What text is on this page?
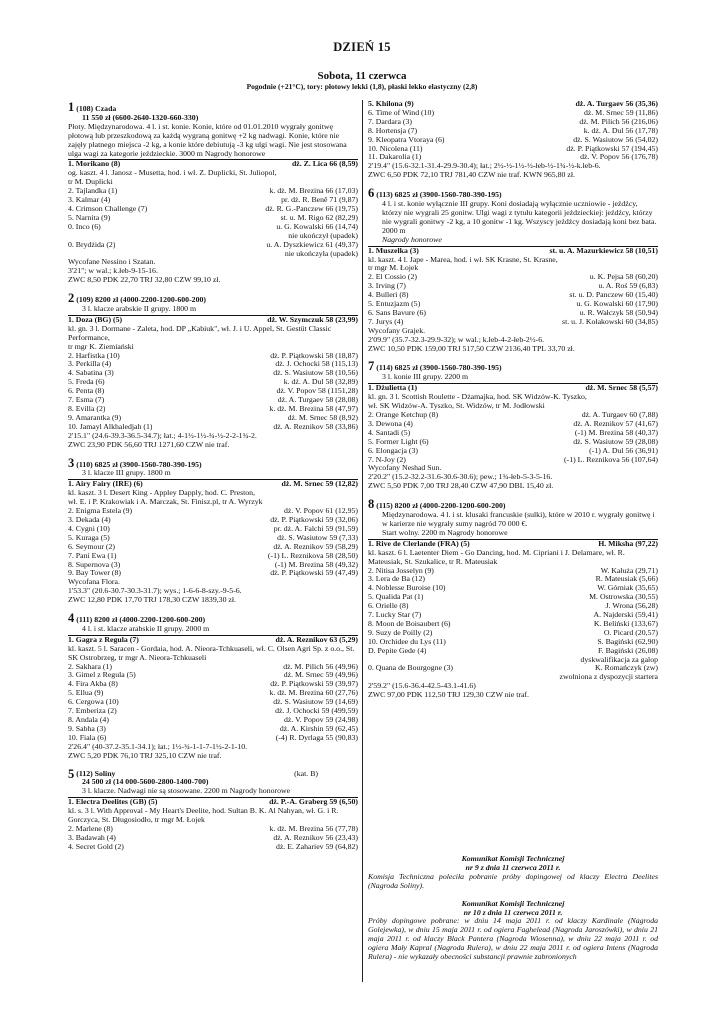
DZIEŃ 15
Sobota, 11 czerwca
Pogodnie (+21°C), tory: płotowy lekki (1,8), płaski lekko elastyczny (2,8)
1 (108) Czada
11 550 zł (6600-2640-1320-660-330)
Płoty. Międzynarodowa. 4 l. i st. konie. Konie, które od 01.01.2010 wygrały gonitwę płotową lub przeszkodową za każdą wygraną gonitwę +2 kg nadwagi. Konie, które nie zajęły płatnego miejsca -2 kg, a konie które debiutują -3 kg ulgi wagi. Nie jest stosowana ulga wagi za kategorie jeździeckie. 3000 m Nagrody honorowe
1. Morikano (8)	dż. Z. Lica 66 (8,59)
og. kaszt. 4 l. Janosz - Musetta, hod. i wł. Z. Duplicki, St. Juliopol,
tr M. Duplicki
2. Tajlandka (1)	k. dż. M. Brezina 66 (17,03)
3. Kalmar (4)	pr. dż. R. Beně 71 (9,87)
4. Crimson Challenge (7)	dż. R. G.-Panczew 66 (19,75)
5. Narnita (9)	st. u. M. Rigo 62 (82,29)
0. Inco (6)	u. G. Kowalski 66 (14,74)
nie ukończył (upadek)
0. Brydżida (2)	u. A. Dyszkiewicz 61 (49,37)
nie ukończyła (upadek)
Wycofane Nessino i Szatan.
3'21"; w wal.; k.łeb-9-15-16.
ZWC 8,50 PDK 22,70 TRJ 32,80 CZW 99,10 zł.
2 (109) 8200 zł (4000-2200-1200-600-200)
3 l. klacze arabskie II grupy. 1800 m
1. Doza (BG) (5)	dż. W. Szymczuk 58 (23,99)
kl. gn. 3 l. Dormane - Zaleta, hod. DP „Kabiuk", wł. J. i U. Appel, St. Gestüt Classic Performance,
tr mgr K. Ziemiański
2. Harfistka (10)	dż. P. Piątkowski 58 (18,87)
3. Perkilla (4)	dż. J. Ochocki 58 (115,13)
4. Sabatina (3)	dż. S. Wasiutow 58 (10,56)
5. Freda (6)	k. dż. A. Dul 58 (32,89)
6. Penta (8)	dż. V. Popov 58 (1151,28)
7. Esma (7)	dż. A. Turgaev 58 (28,08)
8. Evilla (2)	k. dż. M. Brezina 58 (47,97)
9. Amarantka (9)	dż. M. Srnec 58 (8,92)
10. Jamayl Alkhaledjah (1)	dż. A. Reznikov 58 (33,86)
2'15.1" (24.6-39.3-36.5-34.7); łat.; 4-1½-1½-¾-½-2-2-1¾-2.
ZWC 23,90 PDK 56,60 TRJ 1271,60 CZW nie traf.
3 (110) 6825 zł (3900-1560-780-390-195)
3 l. klacze III grupy. 1800 m
1. Airy Fairy (IRE) (6)	dż. M. Srnec 59 (12,82)
kl. kaszt. 3 l. Desert King - Appley Dapply, hod. C. Preston,
wł. E. i P. Krakowiak i A. Marczak, St. Finisz.pl, tr A. Wyrzyk
2. Enigma Estela (9)	dż. V. Popov 61 (12,95)
3. Dekada (4)	dż. P. Piątkowski 59 (32,06)
4. Cygni (10)	pr. dż. A. Falchi 59 (91,59)
5. Kuraga (5)	dż. S. Wasiutow 59 (7,33)
6. Seymour (2)	dż. A. Reznikov 59 (58,29)
7. Pani Ewa (1)	(-1) L. Reznikova 58 (28,50)
8. Supernova (3)	(-1) M. Brezina 58 (49,32)
9. Bay Tower (8)	dż. P. Piątkowski 59 (47,49)
Wycofana Flora.
1'53.3" (20.6-30.7-30.3-31.7); wys.; 1-6-6-8-szy.-9-5-6.
ZWC 12,80 PDK 17,70 TRJ 178,30 CZW 1839,30 zł.
4 (111) 8200 zł (4000-2200-1200-600-200)
4 l. i st. klacze arabskie II grupy. 2000 m
1. Gagra z Regula (7)	dż. A. Reznikov 63 (5,29)
kl. kaszt. 5 l. Saracen - Gordaia, hod. A. Nieora-Tchkuaseli, wł. C. Olsen Agri Sp. z o.o., St. SK Ostrobrzeg, tr mgr A. Nieora-Tchkuaseli
2. Sakhara (1)	dż. M. Pilich 56 (49,96)
3. Gimel z Regula (5)	dż. M. Srnec 59 (49,96)
4. Fira Akba (8)	dż. P. Piątkowski 59 (39,97)
5. Ellua (9)	k. dż. M. Brezina 60 (27,76)
6. Cergowa (10)	dż. S. Wasiutow 59 (14,69)
7. Emberiza (2)	dż. J. Ochocki 59 (499,59)
8. Andala (4)	dż. V. Popov 59 (24,98)
9. Sabha (3)	dż. A. Kirshin 59 (62,45)
10. Fiala (6)	(-4) R. Dyrlaga 55 (90,83)
2'26.4" (40-37.2-35.1-34.1); łat.; 1½-¾-1-1-7-1½-2-1-10.
ZWC 5,20 PDK 76,10 TRJ 325,10 CZW nie traf.
5 (112) Soliny	(kat. B)
24 500 zł (14 000-5600-2800-1400-700)
3 l. klacze. Nadwagi nie są stosowane. 2200 m Nagrody honorowe
1. Electra Deelites (GB) (5)	dż. P.-A. Graberg 59 (6,50)
kl. s. 3 l. With Approval - My Heart's Deelite, hod. Sultan B. K. Al Nahyan, wł. G. i R. Gorczyca, St. Długosiodło, tr mgr M. Łojek
2. Marlene (8)	k. dż. M. Brezina 56 (77,78)
3. Badawah (4)	dż. A. Reznikov 56 (23,43)
4. Secret Gold (2)	dż. E. Zahariev 59 (64,82)
5. Khilona (9)	dż. A. Turgaev 56 (35,36)
6. Time of Wind (10)	dż. M. Srnec 59 (11,86)
7. Dardara (3)	dż. M. Pilich 56 (216,06)
8. Hortensja (7)	k. dż. A. Dul 56 (17,78)
9. Kleopatra Vtoraya (6)	dż. S. Wasiutow 56 (54,02)
10. Nicolena (11)	dż. P. Piątkowski 57 (194,45)
11. Dakarolia (1)	dż. V. Popov 56 (176,78)
2'19.4" (15.6-32.1-31.4-29.9-30.4); łat.; 2½-½-1½-½-łeb-½-1¾-½-k.łeb-6.
ZWC 6,50 PDK 72,10 TRJ 781,40 CZW nie traf. KWN 965,80 zł.
6 (113) 6825 zł (3900-1560-780-390-195)
4 l. i st. konie wyłącznie III grupy. Koni dosiadają wyłącznie uczniowie - jeźdźcy, którzy nie wygrali 25 gonitw. Ulgi wagi z tytułu kategorii jeździeckiej: jeźdźcy, którzy nie wygrali gonitwy -2 kg, a 10 gonitw -1 kg. Wszyscy jeźdźcy dosiadają koni bez bata. 2000 m
Nagrody honorowe
1. Muszelka (3)	st. u. A. Mazurkiewicz 58 (10,51)
kl. kaszt. 4 l. Jape - Marea, hod. i wł. SK Krasne, St. Krasne,
tr mgr M. Łojek
2. El Cossio (2)	u. K. Pejsa 58 (60,20)
3. Irving (7)	u. A. Roś 59 (6,83)
4. Bulleri (8)	st. u. D. Panczew 60 (15,40)
5. Entuzjazm (5)	u. G. Kowalski 60 (17,90)
6. Sans Bavure (6)	u. R. Wałczyk 58 (50,94)
7. Jurys (4)	st. u. J. Kołakowski 60 (34,85)
Wycofany Grajek.
2'09.9" (35.7-32.3-29.9-32); w wal.; k.łeb-4-2-łeb-2½-6.
ZWC 10,50 PDK 159,00 TRJ 517,50 CZW 2136,40 TPL 33,70 zł.
7 (114) 6825 zł (3900-1560-780-390-195)
3 l. konie III grupy. 2200 m
1. Dżulietta (1)	dż. M. Srnec 58 (5,57)
kl. gn. 3 l. Scottish Roulette - Dżamajka, hod. SK Widzów-K. Tyszko,
wł. SK Widzów-A. Tyszko, St. Widzów, tr M. Jodłowski
2. Orange Ketchup (8)	dż. A. Turgaev 60 (7,88)
3. Dewona (4)	dż. A. Reznikov 57 (41,67)
4. Santadi (5)	(-1) M. Brezina 58 (40,37)
5. Former Light (6)	dż. S. Wasiutow 59 (28,08)
6. Elongacja (3)	(-1) A. Dul 56 (36,91)
7. N-Joy (2)	(-1) L. Reznikova 56 (107,64)
Wycofany Neshad Sun.
2'20.2" (15.2-32.2-31.6-30.6-30.6); pew.; 1¾-łeb-5-3-5-16.
ZWC 5,50 PDK 7,00 TRJ 28,40 CZW 47,90 DBL 15,40 zł.
8 (115) 8200 zł (4000-2200-1200-600-200)
Międzynarodowa. 4 l. i st. klusaki francuskie (sulki), które w 2010 r. wygrały gonitwę i w karierze nie wygrały sumy nagród 70 000 €.
Start wolny. 2200 m Nagrody honorowe
1. Rive de Clerlande (FRA) (5)	H. Miksha (97,22)
kl. kaszt. 6 l. Laetenter Diem - Go Dancing, hod. M. Cipriani i J. Delamare, wł. R. Mateusiak, St. Szukalice, tr R. Mateusiak
2. Nitisa Josselyn (9)	W. Kałuża (29,71)
3. Lera de Ba (12)	R. Mateusiak (5,66)
4. Noblesse Buroise (10)	W. Górniak (35,65)
5. Qualida Pat (1)	M. Ostrowska (30,55)
6. Orielle (8)	J. Wrona (56,28)
7. Lucky Star (7)	A. Najderski (59,41)
8. Moon de Boisaubert (6)	K. Beliński (133,67)
9. Suzy de Poilly (2)	O. Picard (20,57)
10. Orchidee du Lys (11)	S. Bagiński (62,90)
D. Pepite Gede (4)	F. Bagiński (26,08)
dyskwalifikacja za galop
0. Quana de Bourgogne (3)	K. Romańczyk (zw)
zwolniona z dyspozycji startera
2'59.2" (15.6-36.4-42.5-43.1-41.6)
ZWC 97,00 PDK 112,50 TRJ 129,30 CZW nie traf.
Komunikat Komisji Technicznej
nr 9 z dnia 11 czerwca 2011 r.
Komisja Techniczna poleciła pobranie próby dopingowej od klaczy Electra Deelites (Nagroda Soliny).
Komunikat Komisji Technicznej
nr 10 z dnia 11 czerwca 2011 r.
Próby dopingowe pobrane: w dniu 14 maja 2011 r. od klaczy Kardinale (Nagroda Golejewka), w dniu 15 maja 2011 r. od ogiera Faghelead (Nagroda Jaroszówki), w dniu 21 maja 2011 r. od klaczy Black Pantera (Nagroda Wiosenna), w dniu 22 maja 2011 r. od ogiera Mały Kapral (Nagroda Rulera), w dniu 22 maja 2011 r. od ogiera Intens (Nagroda Rulera) - nie wykazały obecności substancji prawnie zabronionych
